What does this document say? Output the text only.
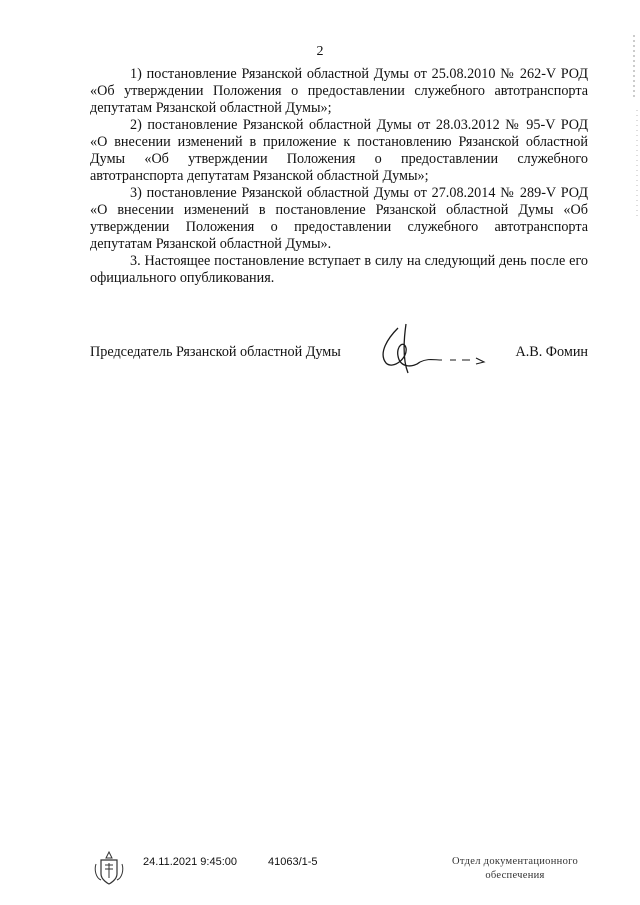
2

1) постановление Рязанской областной Думы от 25.08.2010 № 262-V РОД «Об утверждении Положения о предоставлении служебного автотранспорта депутатам Рязанской областной Думы»;

2) постановление Рязанской областной Думы от 28.03.2012 № 95-V РОД «О внесении изменений в приложение к постановлению Рязанской областной Думы «Об утверждении Положения о предоставлении служебного автотранспорта депутатам Рязанской областной Думы»;

3) постановление Рязанской областной Думы от 27.08.2014 № 289-V РОД «О внесении изменений в постановление Рязанской областной Думы «Об утверждении Положения о предоставлении служебного автотранспорта депутатам Рязанской областной Думы».

3. Настоящее постановление вступает в силу на следующий день после его официального опубликования.

Председатель Рязанской областной Думы	А.В. Фомин
24.11.2021 9:45:00	41063/1-5	Отдел документационного
обеспечения
